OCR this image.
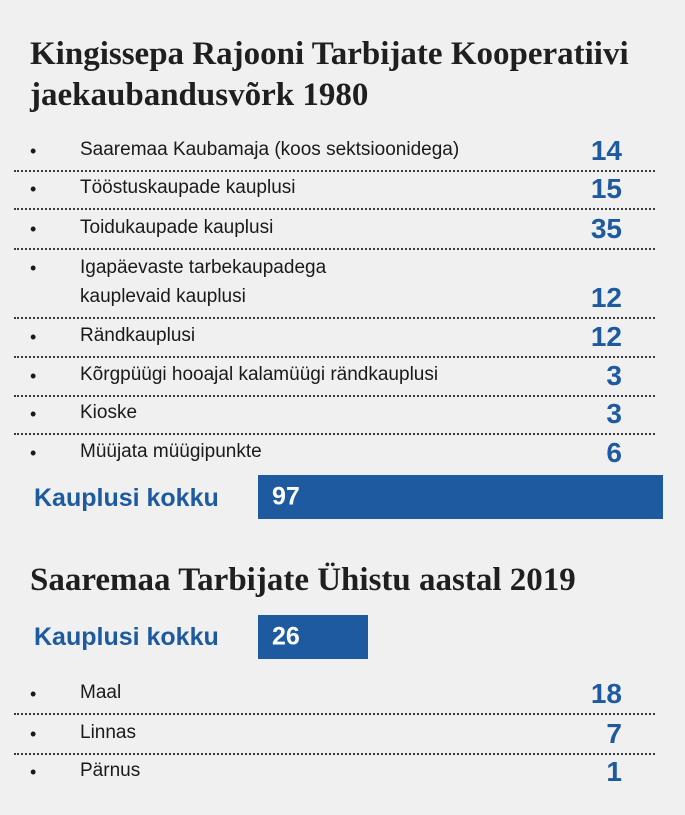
Kingissepa Rajooni Tarbijate Kooperatiivi jaekaubandusvõrk 1980
• Saaremaa Kaubamaja (koos sektsioonidega)	14
• Tööstuskaupade kauplusi	15
• Toidukaupade kauplusi	35
• Igapäevaste tarbekaupadega
kauplevaid kauplusi	12
• Rändkauplusi	12
• Kõrgpüügi hooajal kalamüügi rändkauplusi	3
• Kioske	3
• Müüjata müügipunkte	6
Kauplusi kokku 97
Saaremaa Tarbijate Ühistu aastal 2019
Kauplusi kokku 26
• Maal	18
• Linnas	7
• Pärnus	1
